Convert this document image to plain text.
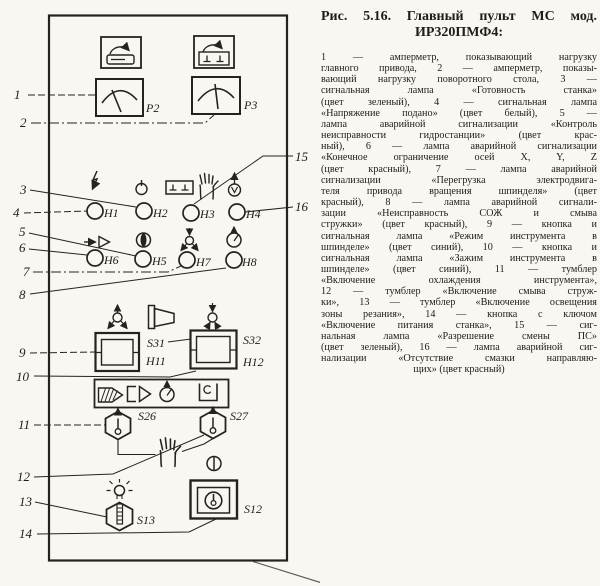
P2	P3
H1	H2	H3	H4
H6	H5 H7	H8
H11
S32
H12
S31
S26	S27
S13
S12
1
2
3
4
5
6
7
8
9
10
11
12
13
14
15
16
Рис. 5.16. Главный пульт МС мод.
ИР320ПМФ4:
1 — амперметр, показывающий нагрузку
главного привода, 2 — амперметр, показы-
вающий нагрузку поворотного стола, 3 —
сигнальная лампа «Готовность станка»
(цвет зеленый), 4 — сигнальная лампа
«Напряжение подано» (цвет белый), 5 —
лампа аварийной сигнализации «Контроль
неисправности гидростанции» (цвет крас-
ный), 6 — лампа аварийной сигнализации
«Конечное ограничение осей X, Y, Z
(цвет красный), 7 — лампа аварийной
сигнализации «Перегрузка электродвига-
теля привода вращения шпинделя» (цвет
красный), 8 — лампа аварийной сигнали-
зации «Неисправность СОЖ и смыва
стружки» (цвет красный), 9 — кнопка и
сигнальная лампа «Режим инструмента в
шпинделе» (цвет синий), 10 — кнопка и
сигнальная лампа «Зажим инструмента в
шпинделе» (цвет синий), 11 — тумблер
«Включение охлаждения инструмента»,
12 — тумблер «Включение смыва струж-
ки», 13 — тумблер «Включение освещения
зоны резания», 14 — кнопка с ключом
«Включение питания станка», 15 — сиг-
нальная лампа «Разрешение смены ПС»
(цвет зеленый), 16 — лампа аварийной сиг-
нализации «Отсутствие смазки направляю-
щих» (цвет красный)
